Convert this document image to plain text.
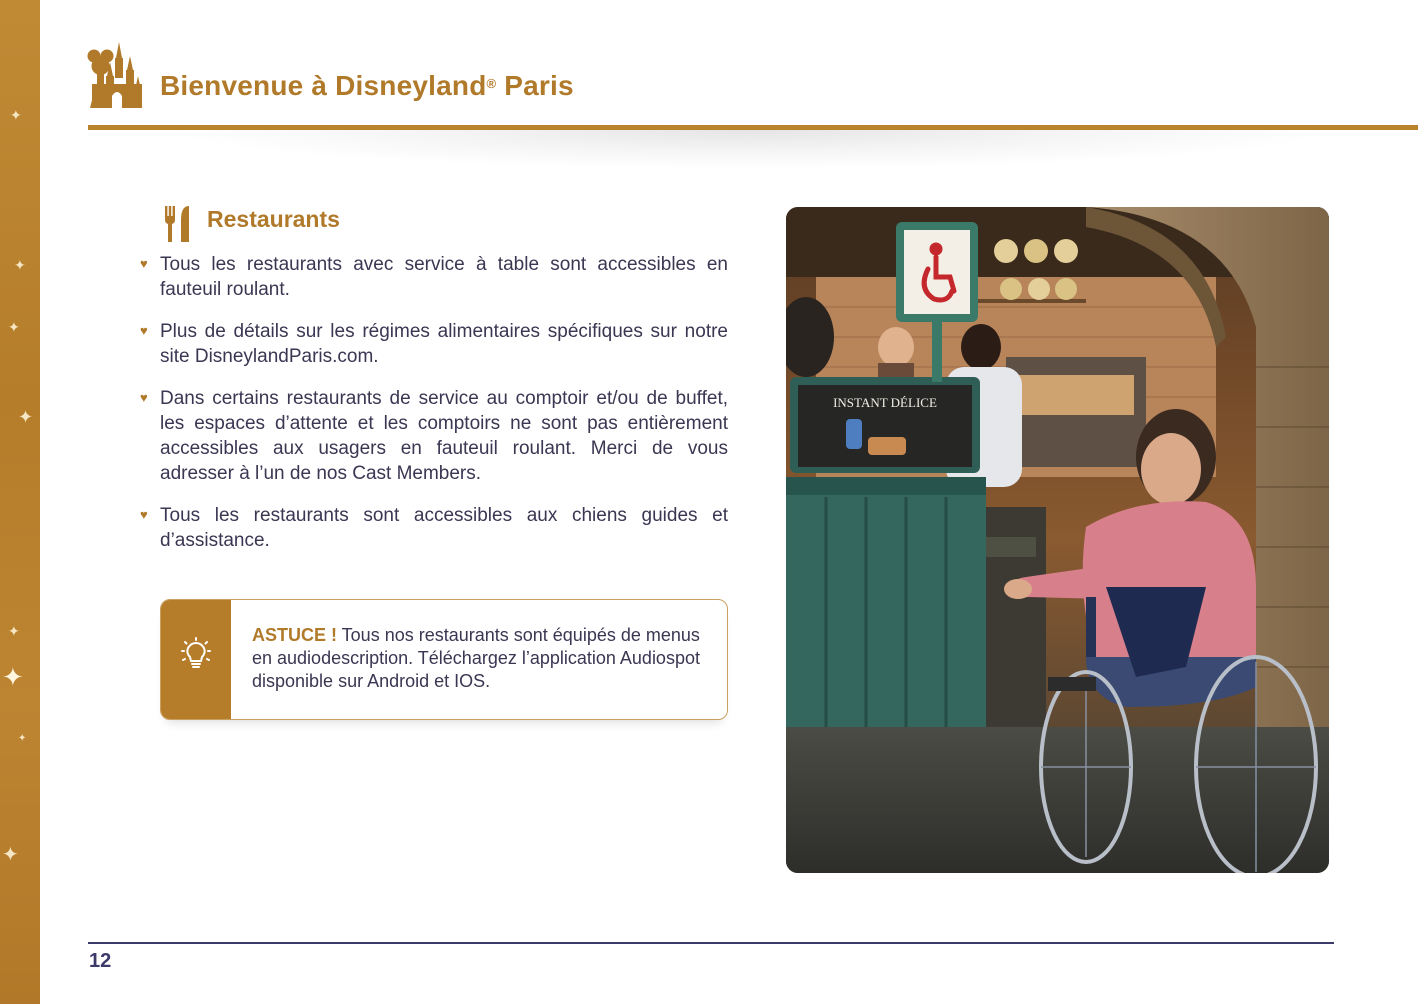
✦
✦
✦
✦
✦
✦
✦
✦
Bienvenue à Disneyland® Paris
Restaurants
♥ Tous les restaurants avec service à table sont accessibles en fauteuil roulant.
♥ Plus de détails sur les régimes alimentaires spécifiques sur notre site DisneylandParis.com.
♥ Dans certains restaurants de service au comptoir et/ou de buffet, les espaces d’attente et les comptoirs ne sont pas entièrement accessibles aux usagers en fauteuil roulant. Merci de vous adresser à l’un de nos Cast Members.
♥ Tous les restaurants sont accessibles aux chiens guides et d’assistance.
ASTUCE ! Tous nos restaurants sont équipés de menus en audiodescription. Téléchargez l’application Audiospot disponible sur Android et IOS.
INSTANT DÉLICE
12
